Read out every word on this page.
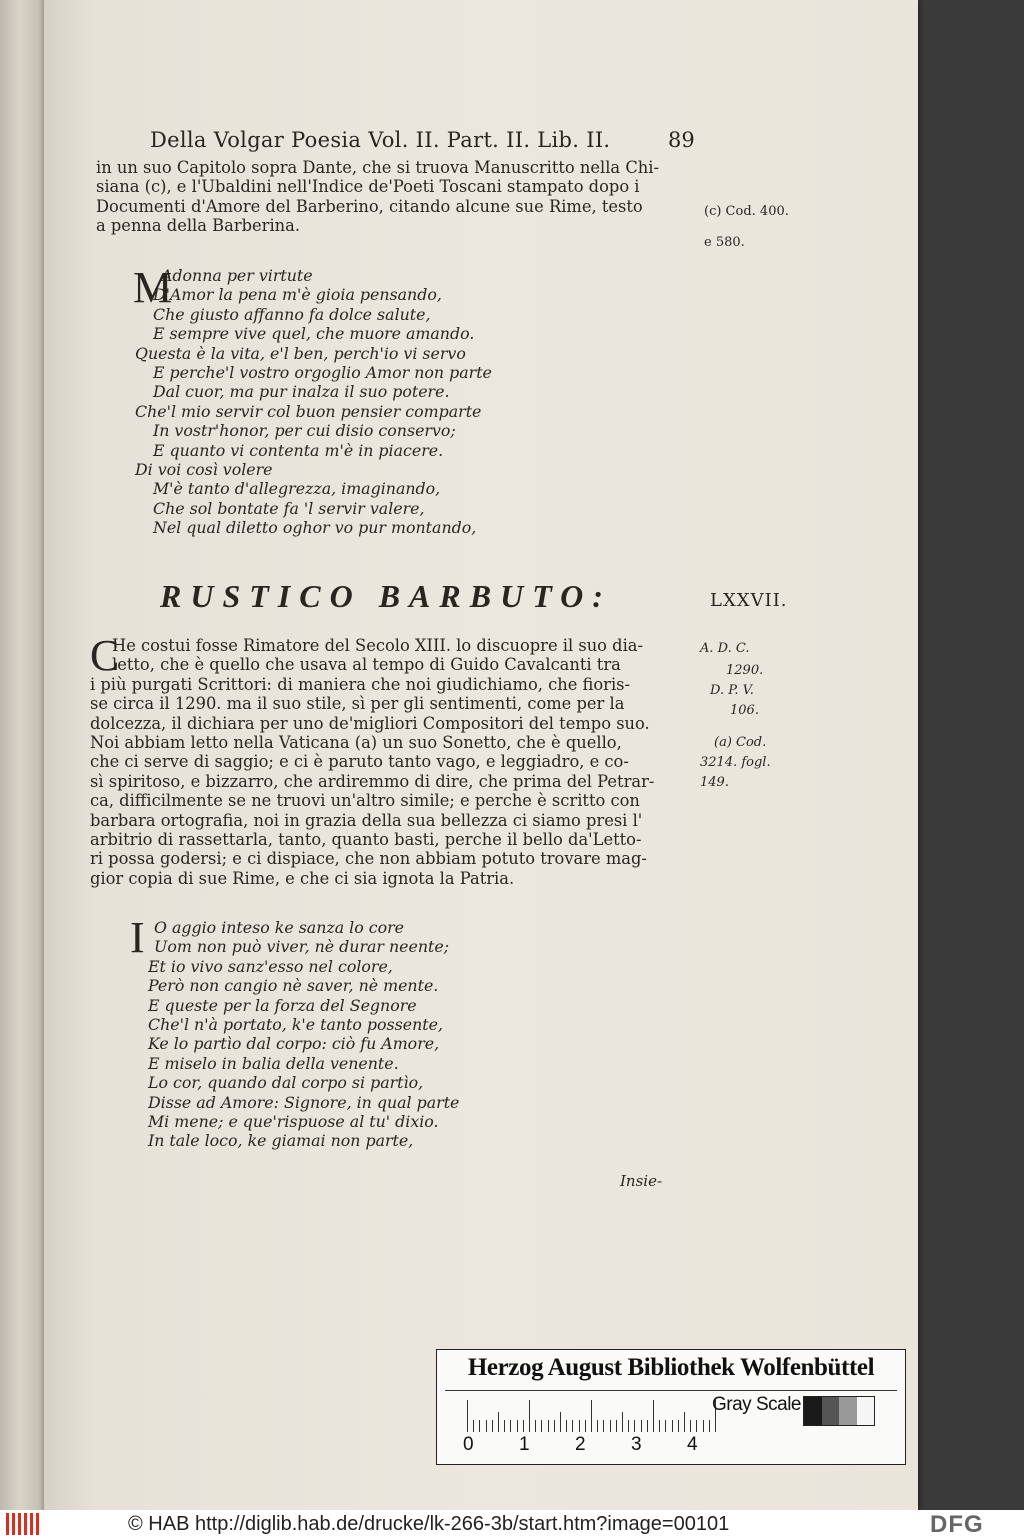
Della Volgar Poesia Vol. II. Part. II. Lib. II.	89

in un suo Capitolo sopra Dante, che si truova Manuscritto nella Chi-

siana (c), e l'Ubaldini nell'Indice de'Poeti Toscani stampato dopo i

Documenti d'Amore del Barberino, citando alcune sue Rime, testo

a penna della Barberina.

(c) Cod. 400.

e 580.

M

Adonna per virtute

D'Amor la pena m'è gioia pensando,

Che giusto affanno fa dolce salute,

E sempre vive quel, che muore amando.

Questa è la vita, e'l ben, perch'io vi servo

E perche'l vostro orgoglio Amor non parte

Dal cuor, ma pur inalza il suo potere.

Che'l mio servir col buon pensier comparte

In vostr'honor, per cui disio conservo;

E quanto vi contenta m'è in piacere.

Di voi così volere

M'è tanto d'allegrezza, imaginando,

Che sol bontate fa 'l servir valere,

Nel qual diletto oghor vo pur montando,

RUSTICO BARBUTO:	LXXVII.
C

He costui fosse Rimatore del Secolo XIII. lo discuopre il suo dia-

letto, che è quello che usava al tempo di Guido Cavalcanti tra

i più purgati Scrittori: di maniera che noi giudichiamo, che fioris-

se circa il 1290. ma il suo stile, sì per gli sentimenti, come per la

dolcezza, il dichiara per uno de'migliori Compositori del tempo suo.

Noi abbiam letto nella Vaticana (a) un suo Sonetto, che è quello,

che ci serve di saggio; e ci è paruto tanto vago, e leggiadro, e co-

sì spiritoso, e bizzarro, che ardiremmo di dire, che prima del Petrar-

ca, difficilmente se ne truovi un'altro simile; e perche è scritto con

barbara ortografia, noi in grazia della sua bellezza ci siamo presi l'

arbitrio di rassettarla, tanto, quanto basti, perche il bello da'Letto-

ri possa godersi; e ci dispiace, che non abbiam potuto trovare mag-

gior copia di sue Rime, e che ci sia ignota la Patria.

A. D. C.
1290.
D. P. V.
106.
(a) Cod.
3214. fogl.
149.
I O aggio inteso ke sanza lo core

Uom non può viver, nè durar neente;

Et io vivo sanz'esso nel colore,

Però non cangio nè saver, nè mente.

E queste per la forza del Segnore

Che'l n'à portato, k'e tanto possente,

Ke lo partìo dal corpo: ciò fu Amore,

E miselo in balia della venente.

Lo cor, quando dal corpo si partìo,

Disse ad Amore: Signore, in qual parte

Mi mene; e que'rispuose al tu' dixio.

In tale loco, ke giamai non parte,

Insie-
Herzog August Bibliothek Wolfenbüttel
0 1 2 3 4
Gray Scale
© HAB http://diglib.hab.de/drucke/lk-266-3b/start.htm?image=00101	DFG
